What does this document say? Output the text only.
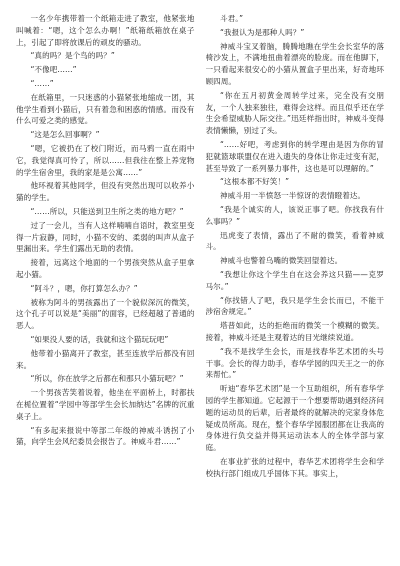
一名少年携带着一个纸箱走进了教室，他紧张地叫喊着：“嗯，这个怎么办啊！”纸箱纸箱放在桌子上，引起了即将放课后的顽皮的骚动。

“真的吗？是个鸟的吗？”

“不像吧……”

“……”

在纸箱里，一只迷惑的小猫紧张地缩成一团，其他学生看到小猫后，只有着急和困惑的情感。而没有什么可爱之类的感觉。

“这是怎么回事啊？”

“嗯，它被扔在了校门附近，而马鸦一直在雨中它，我觉得真可怜了，所以……但我往在整上养宠物的学生宿舍里，我的家是是公寓……”

他环视着其他同学，但没有突然出现可以收养小猫的学生。

“……所以，只能送到卫生所之类的地方吧？”

过了一会儿，当有人这样喃喃自语时，教室里变得一片寂静，同时，小猫不安的、柔弱的叫声从盒子里漏出来。学生们露出无助的表情。

接着，远离这个地面的一个男孩突然从盒子里拿起小猫。

“阿斗？，嗯，你打算怎么办？”

被称为阿斗的男孩露出了一个貌似深沉的微笑，这个孔子可以说是“美丽”的面容，已经超越了普通的恶人。

“如果没人要的话，我就和这个猫玩玩吧”

他带着小猫离开了教室，甚至连放学后都没有回来。

“所以，你在放学之后都在和那只小猫玩吧？”

一个男孩苦笑着说着，他坐在平面桥上，时都扶在栀位置着“学园中等部学生会长加纳达”名牌的沉重桌子上。

“有多起来报说中等部二年级的神威斗诱拐了小猫，向学生会风纪委员会报告了。神威斗君……”

斗君。”

“我报认为是那种人吗？”

神威斗宝叉着脑，腾腾地瞧在学生会长室华的落椅沙发上，不满地扭曲着漂亮的脸庞。而在他脚下，一只看起来很安心的小猫从置盒子里出来，好奇地环顾四周。

“你在五月初黄金周转学过来，完全没有交朋友，一个人独来独往，难得会这样。而且似乎还在学生会希望威胁人际交往。”迅廷样指出时，神威斗变得表情懒懒，别过了头。

“……好吧，考虑到你的转学理由是因为你的冒犯就篮球联盟仅在进入遗失的身体让你走过变有泥，甚至导致了一系列暴力事件，这也是可以理解的。”

“这根本都不好笑！”

神威斗用一半愤怒一半惊讶的表情瞪着达。

“我是个诚实的人，该说正事了吧。你找我有什么事吗？”

迅虎变了表情，露出了不耐的微笑，看着神威斗。

神威斗也警着乌嘴的微笑回望着达。

“我想让你这个学生自在这会养这只猫——克罗马尔。”

“你找错人了吧，我只是学生会长而已，不能干涉宿舍规定。”

塔普如此，达的拒绝而的微笑一个模糊的微笑。接着，神威斗还是主观着达的目光继续说道。

“我不是找学生会长，而是找春华艺术团的头号干事。会长的得力助手，春华学园的四天王之一的你来帮忙。”

听迪“春华艺术团”是一个互助组织，所有春华学园的学生都知道。它起源于一个想要帮助遇到经济问题的运动员的后辈，后者最终的就解决的完家身体危疑成员所高。现在，整个春华学园服团都在让我高的身体进行负交益并得其运动法本人的全体学部与家庭。

在事业扩张的过程中，春华艺术团将学生会和学校执行部门组成几乎国体下其。事实上，
